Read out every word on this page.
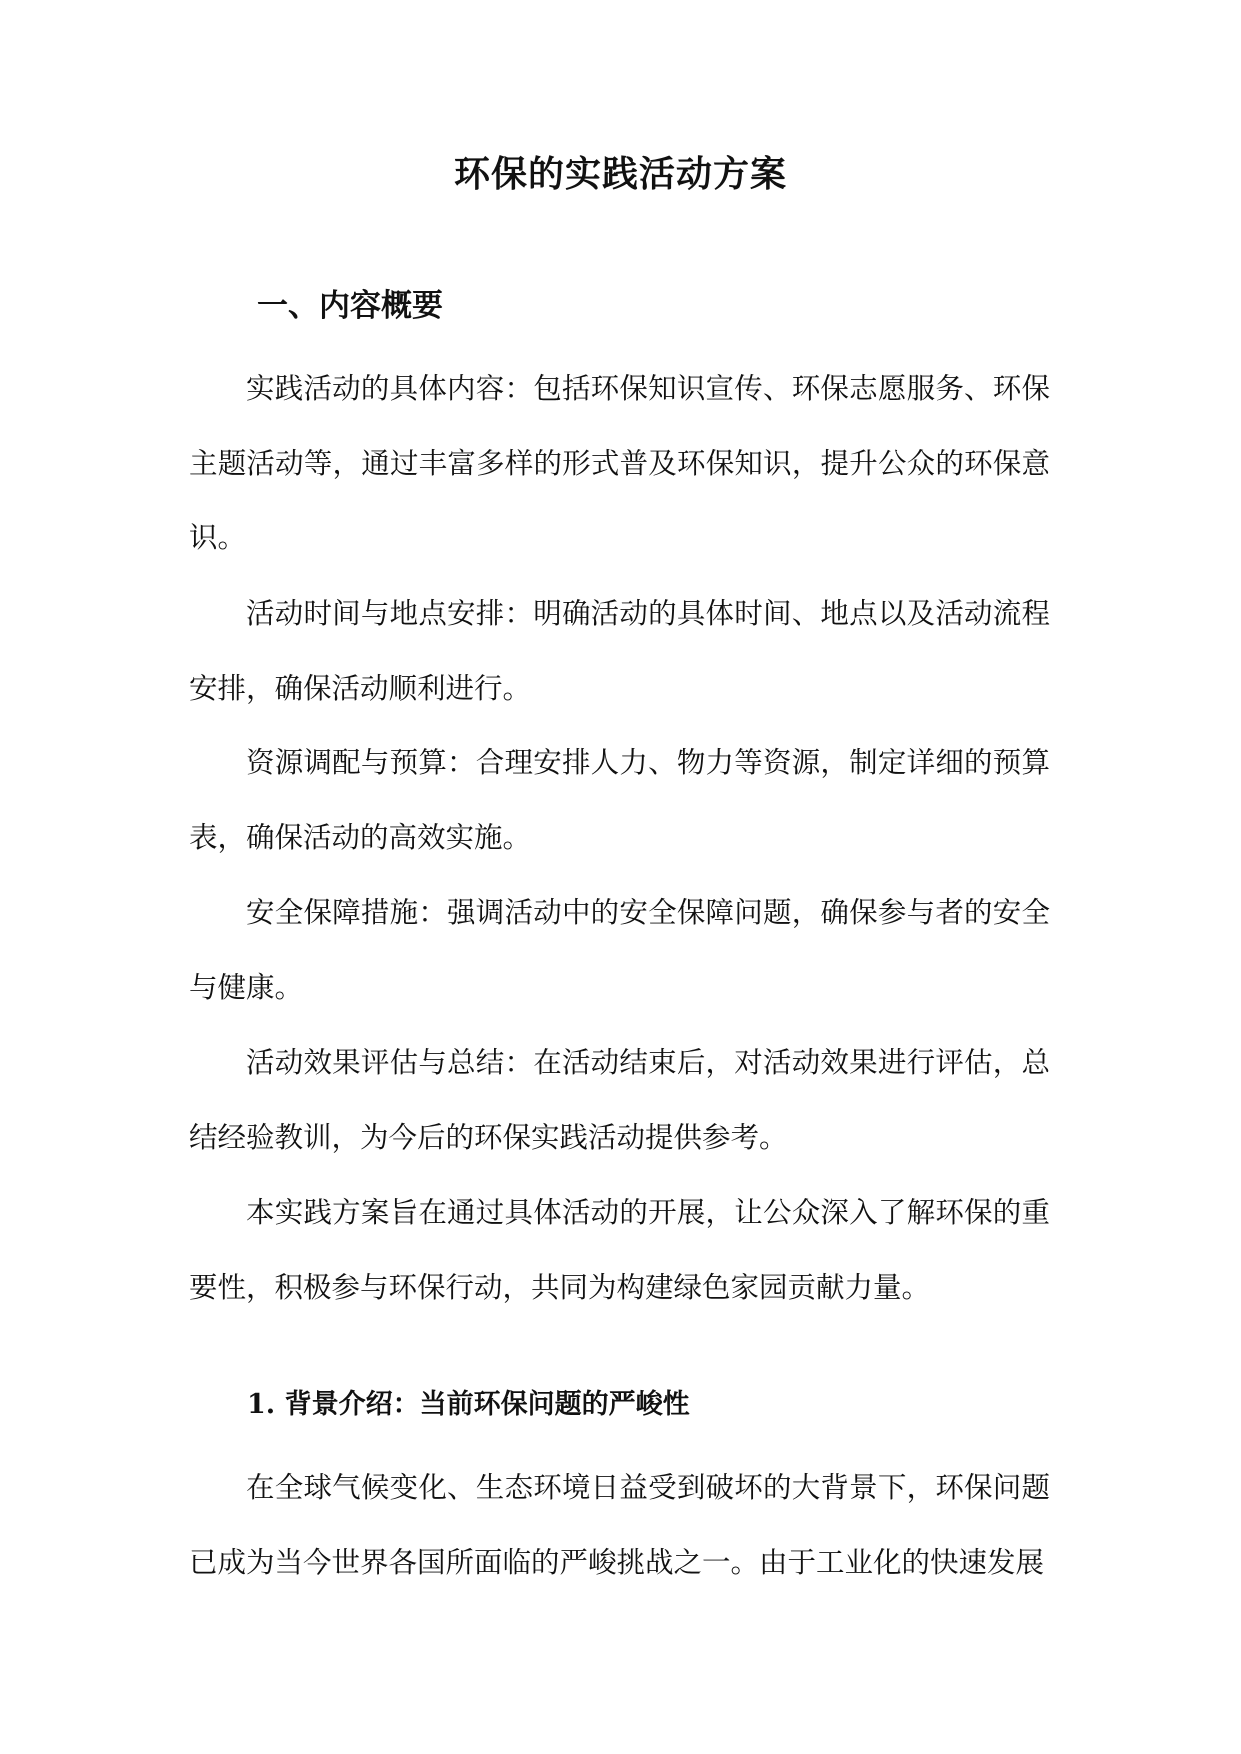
环保的实践活动方案
一、内容概要

实践活动的具体内容：包括环保知识宣传、环保志愿服务、环保主题活动等，通过丰富多样的形式普及环保知识，提升公众的环保意识。

活动时间与地点安排：明确活动的具体时间、地点以及活动流程安排，确保活动顺利进行。

资源调配与预算：合理安排人力、物力等资源，制定详细的预算表，确保活动的高效实施。

安全保障措施：强调活动中的安全保障问题，确保参与者的安全与健康。

活动效果评估与总结：在活动结束后，对活动效果进行评估，总结经验教训，为今后的环保实践活动提供参考。

本实践方案旨在通过具体活动的开展，让公众深入了解环保的重要性，积极参与环保行动，共同为构建绿色家园贡献力量。

1. 背景介绍：当前环保问题的严峻性

在全球气候变化、生态环境日益受到破坏的大背景下，环保问题已成为当今世界各国所面临的严峻挑战之一。由于工业化的快速发展
